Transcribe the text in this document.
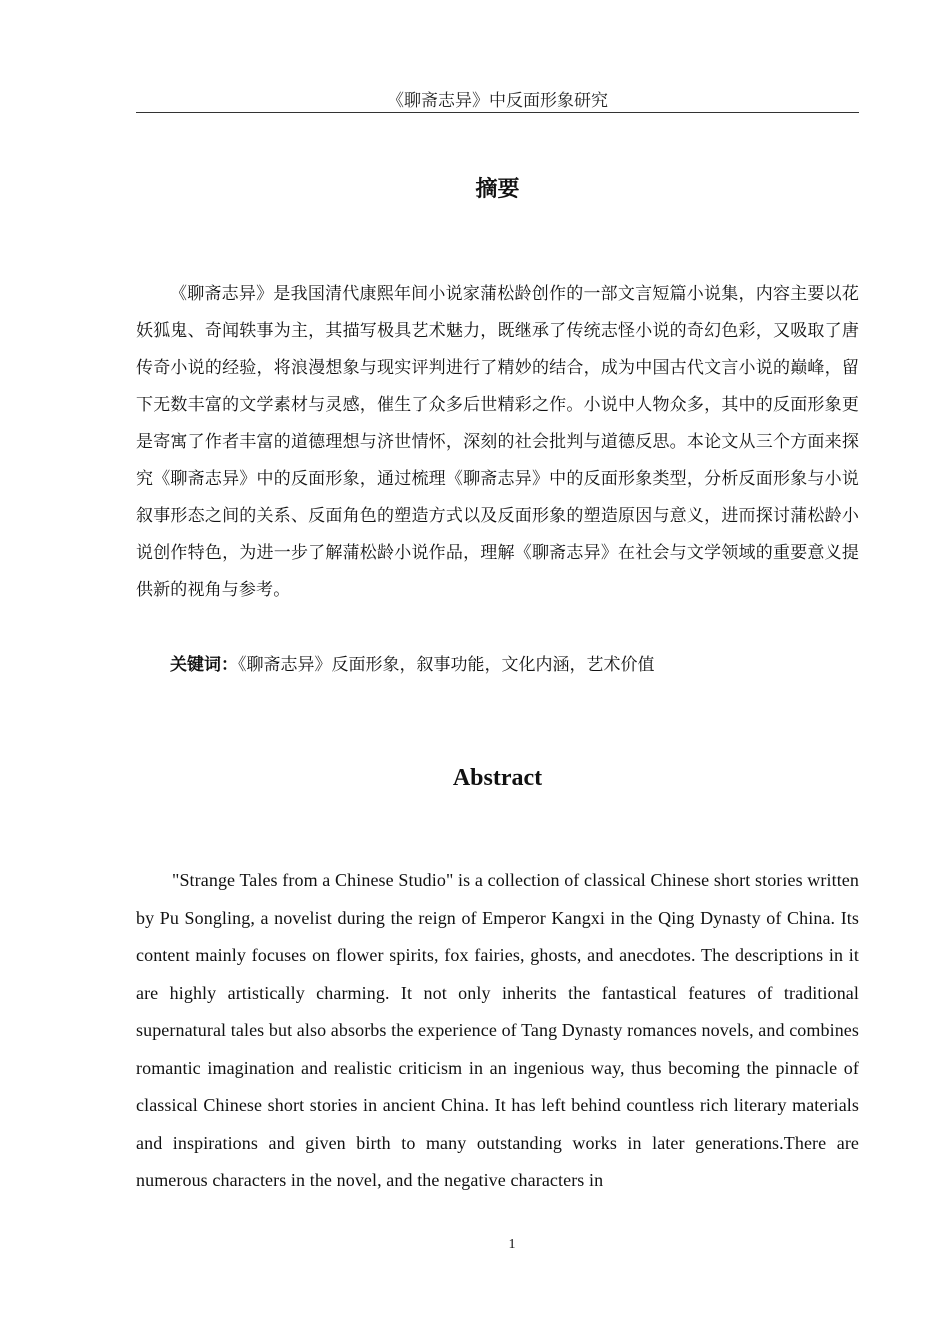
《聊斋志异》中反面形象研究
摘要

《聊斋志异》是我国清代康熙年间小说家蒲松龄创作的一部文言短篇小说集，内容主要以花妖狐鬼、奇闻轶事为主，其描写极具艺术魅力，既继承了传统志怪小说的奇幻色彩，又吸取了唐传奇小说的经验，将浪漫想象与现实评判进行了精妙的结合，成为中国古代文言小说的巅峰，留下无数丰富的文学素材与灵感，催生了众多后世精彩之作。小说中人物众多，其中的反面形象更是寄寓了作者丰富的道德理想与济世情怀，深刻的社会批判与道德反思。本论文从三个方面来探究《聊斋志异》中的反面形象，通过梳理《聊斋志异》中的反面形象类型，分析反面形象与小说叙事形态之间的关系、反面角色的塑造方式以及反面形象的塑造原因与意义，进而探讨蒲松龄小说创作特色，为进一步了解蒲松龄小说作品，理解《聊斋志异》在社会与文学领域的重要意义提供新的视角与参考。

关键词：《聊斋志异》反面形象，叙事功能，文化内涵，艺术价值

Abstract

"Strange Tales from a Chinese Studio" is a collection of classical Chinese short stories written by Pu Songling, a novelist during the reign of Emperor Kangxi in the Qing Dynasty of China. Its content mainly focuses on flower spirits, fox fairies, ghosts, and anecdotes. The descriptions in it are highly artistically charming. It not only inherits the fantastical features of traditional supernatural tales but also absorbs the experience of Tang Dynasty romances novels, and combines romantic imagination and realistic criticism in an ingenious way, thus becoming the pinnacle of classical Chinese short stories in ancient China. It has left behind countless rich literary materials and inspirations and given birth to many outstanding works in later generations.There are numerous characters in the novel, and the negative characters in

1
